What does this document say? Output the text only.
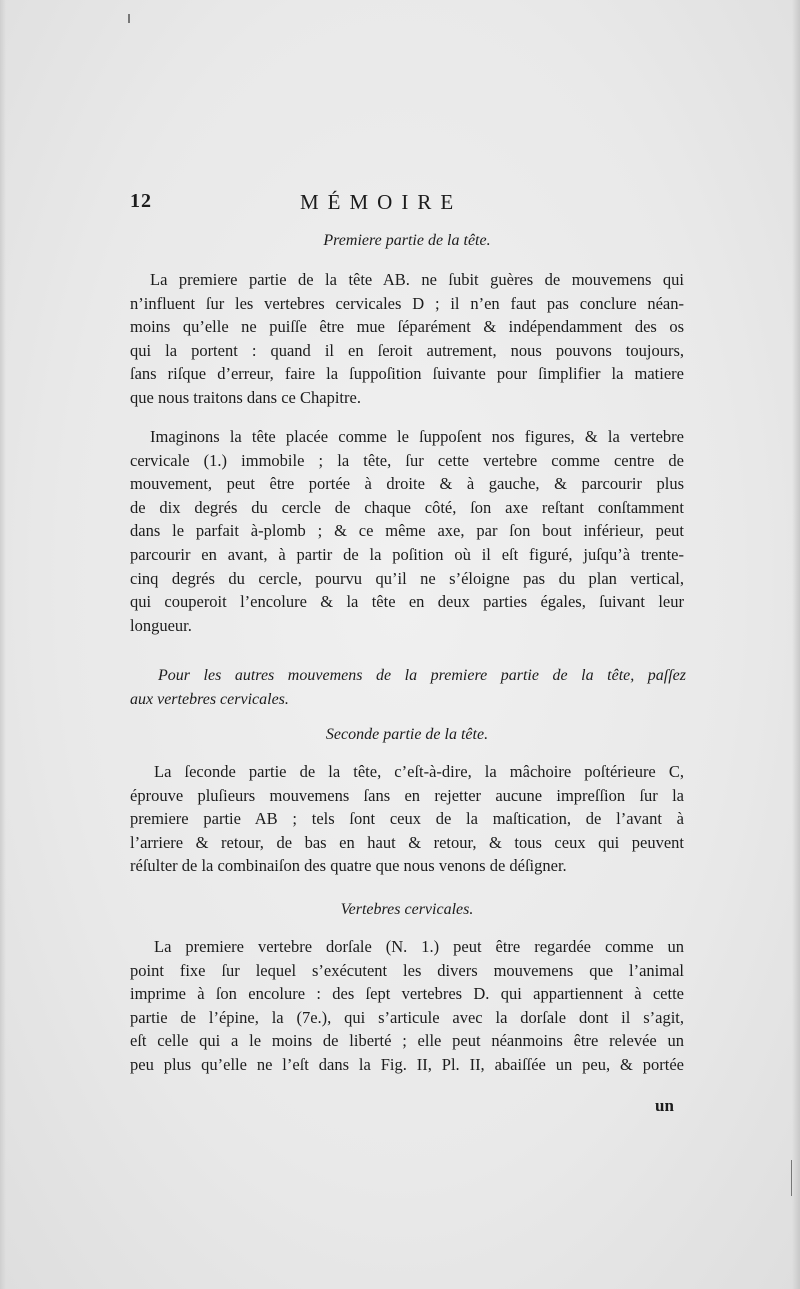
12	MÉMOIRE
Premiere partie de la tête.
La premiere partie de la tête AB. ne ſubit guères de mouvemens qui
n’influent ſur les vertebres cervicales D ; il n’en faut pas conclure néan-
moins qu’elle ne puiſſe être mue ſéparément & indépendamment des os
qui la portent : quand il en ſeroit autrement, nous pouvons toujours,
ſans riſque d’erreur, faire la ſuppoſition ſuivante pour ſimplifier la matiere
que nous traitons dans ce Chapitre.
Imaginons la tête placée comme le ſuppoſent nos figures, & la vertebre
cervicale (1.) immobile ; la tête, ſur cette vertebre comme centre de
mouvement, peut être portée à droite & à gauche, & parcourir plus
de dix degrés du cercle de chaque côté, ſon axe reſtant conſtamment
dans le parfait à-plomb ; & ce même axe, par ſon bout inférieur, peut
parcourir en avant, à partir de la poſition où il eſt figuré, juſqu’à trente-
cinq degrés du cercle, pourvu qu’il ne s’éloigne pas du plan vertical,
qui couperoit l’encolure & la tête en deux parties égales, ſuivant leur
longueur.
Pour les autres mouvemens de la premiere partie de la tête, paſſez
aux vertebres cervicales.
Seconde partie de la tête.
La ſeconde partie de la tête, c’eſt-à-dire, la mâchoire poſtérieure C,
éprouve pluſieurs mouvemens ſans en rejetter aucune impreſſion ſur la
premiere partie AB ; tels ſont ceux de la maſtication, de l’avant à
l’arriere & retour, de bas en haut & retour, & tous ceux qui peuvent
réſulter de la combinaiſon des quatre que nous venons de déſigner.
Vertebres cervicales.
La premiere vertebre dorſale (N. 1.) peut être regardée comme un
point fixe ſur lequel s’exécutent les divers mouvemens que l’animal
imprime à ſon encolure : des ſept vertebres D. qui appartiennent à cette
partie de l’épine, la (7e.), qui s’articule avec la dorſale dont il s’agit,
eſt celle qui a le moins de liberté ; elle peut néanmoins être relevée un
peu plus qu’elle ne l’eſt dans la Fig. II, Pl. II, abaiſſée un peu, & portée
un
